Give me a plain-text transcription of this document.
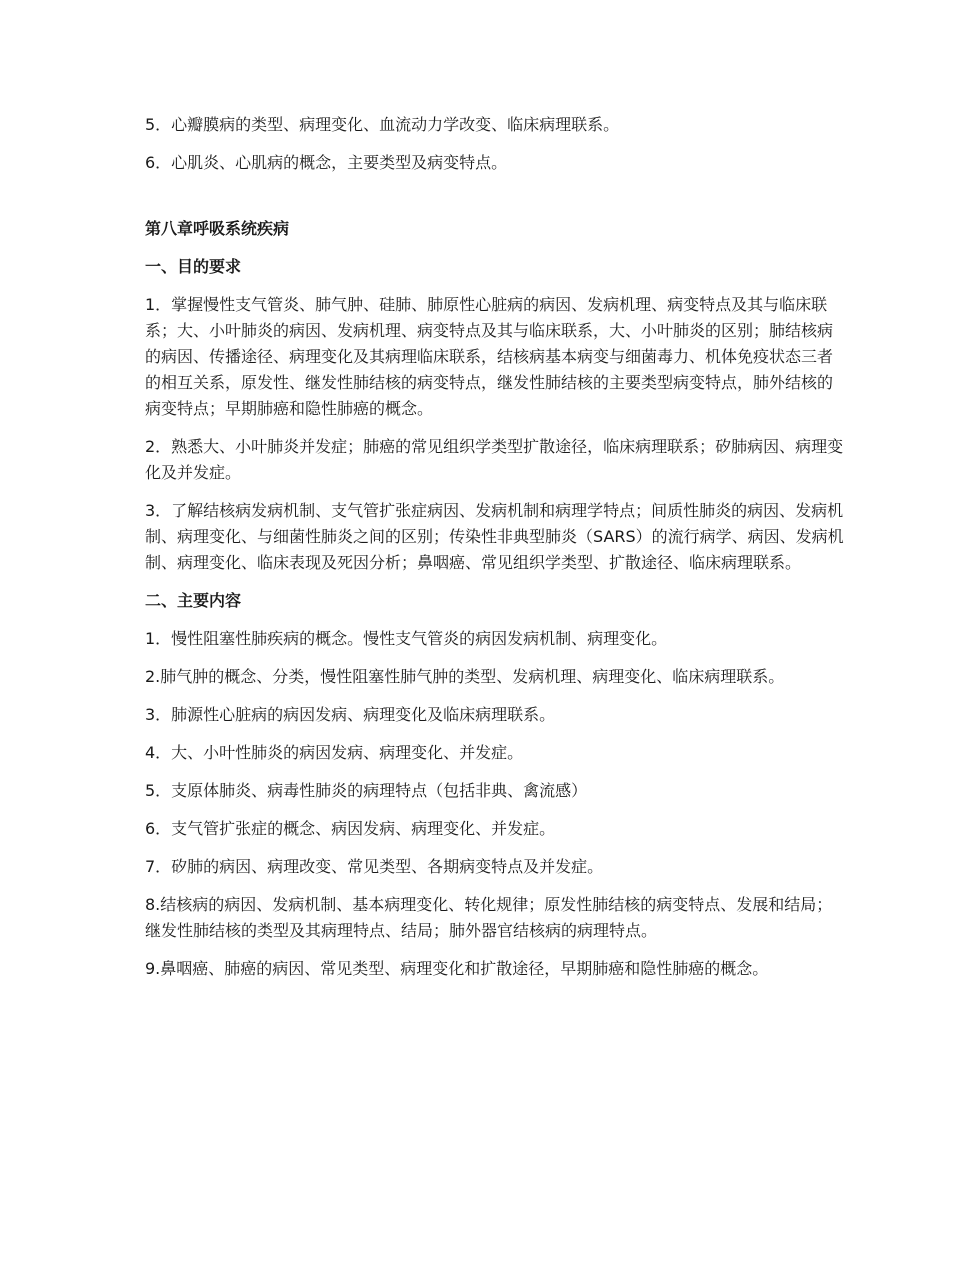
5．心瓣膜病的类型、病理变化、血流动力学改变、临床病理联系。

6．心肌炎、心肌病的概念，主要类型及病变特点。

第八章呼吸系统疾病

一、目的要求

1．掌握慢性支气管炎、肺气肿、硅肺、肺原性心脏病的病因、发病机理、病变特点及其与临床联系；大、小叶肺炎的病因、发病机理、病变特点及其与临床联系，大、小叶肺炎的区别；肺结核病的病因、传播途径、病理变化及其病理临床联系，结核病基本病变与细菌毒力、机体免疫状态三者的相互关系，原发性、继发性肺结核的病变特点，继发性肺结核的主要类型病变特点，肺外结核的病变特点；早期肺癌和隐性肺癌的概念。

2．熟悉大、小叶肺炎并发症；肺癌的常见组织学类型扩散途径，临床病理联系；矽肺病因、病理变化及并发症。

3．了解结核病发病机制、支气管扩张症病因、发病机制和病理学特点；间质性肺炎的病因、发病机制、病理变化、与细菌性肺炎之间的区别；传染性非典型肺炎（SARS）的流行病学、病因、发病机制、病理变化、临床表现及死因分析；鼻咽癌、常见组织学类型、扩散途径、临床病理联系。

二、主要内容

1．慢性阻塞性肺疾病的概念。慢性支气管炎的病因发病机制、病理变化。

2.肺气肿的概念、分类，慢性阻塞性肺气肿的类型、发病机理、病理变化、临床病理联系。

3．肺源性心脏病的病因发病、病理变化及临床病理联系。

4．大、小叶性肺炎的病因发病、病理变化、并发症。

5．支原体肺炎、病毒性肺炎的病理特点（包括非典、禽流感）

6．支气管扩张症的概念、病因发病、病理变化、并发症。

7．矽肺的病因、病理改变、常见类型、各期病变特点及并发症。

8.结核病的病因、发病机制、基本病理变化、转化规律；原发性肺结核的病变特点、发展和结局；继发性肺结核的类型及其病理特点、结局；肺外器官结核病的病理特点。

9.鼻咽癌、肺癌的病因、常见类型、病理变化和扩散途径，早期肺癌和隐性肺癌的概念。
